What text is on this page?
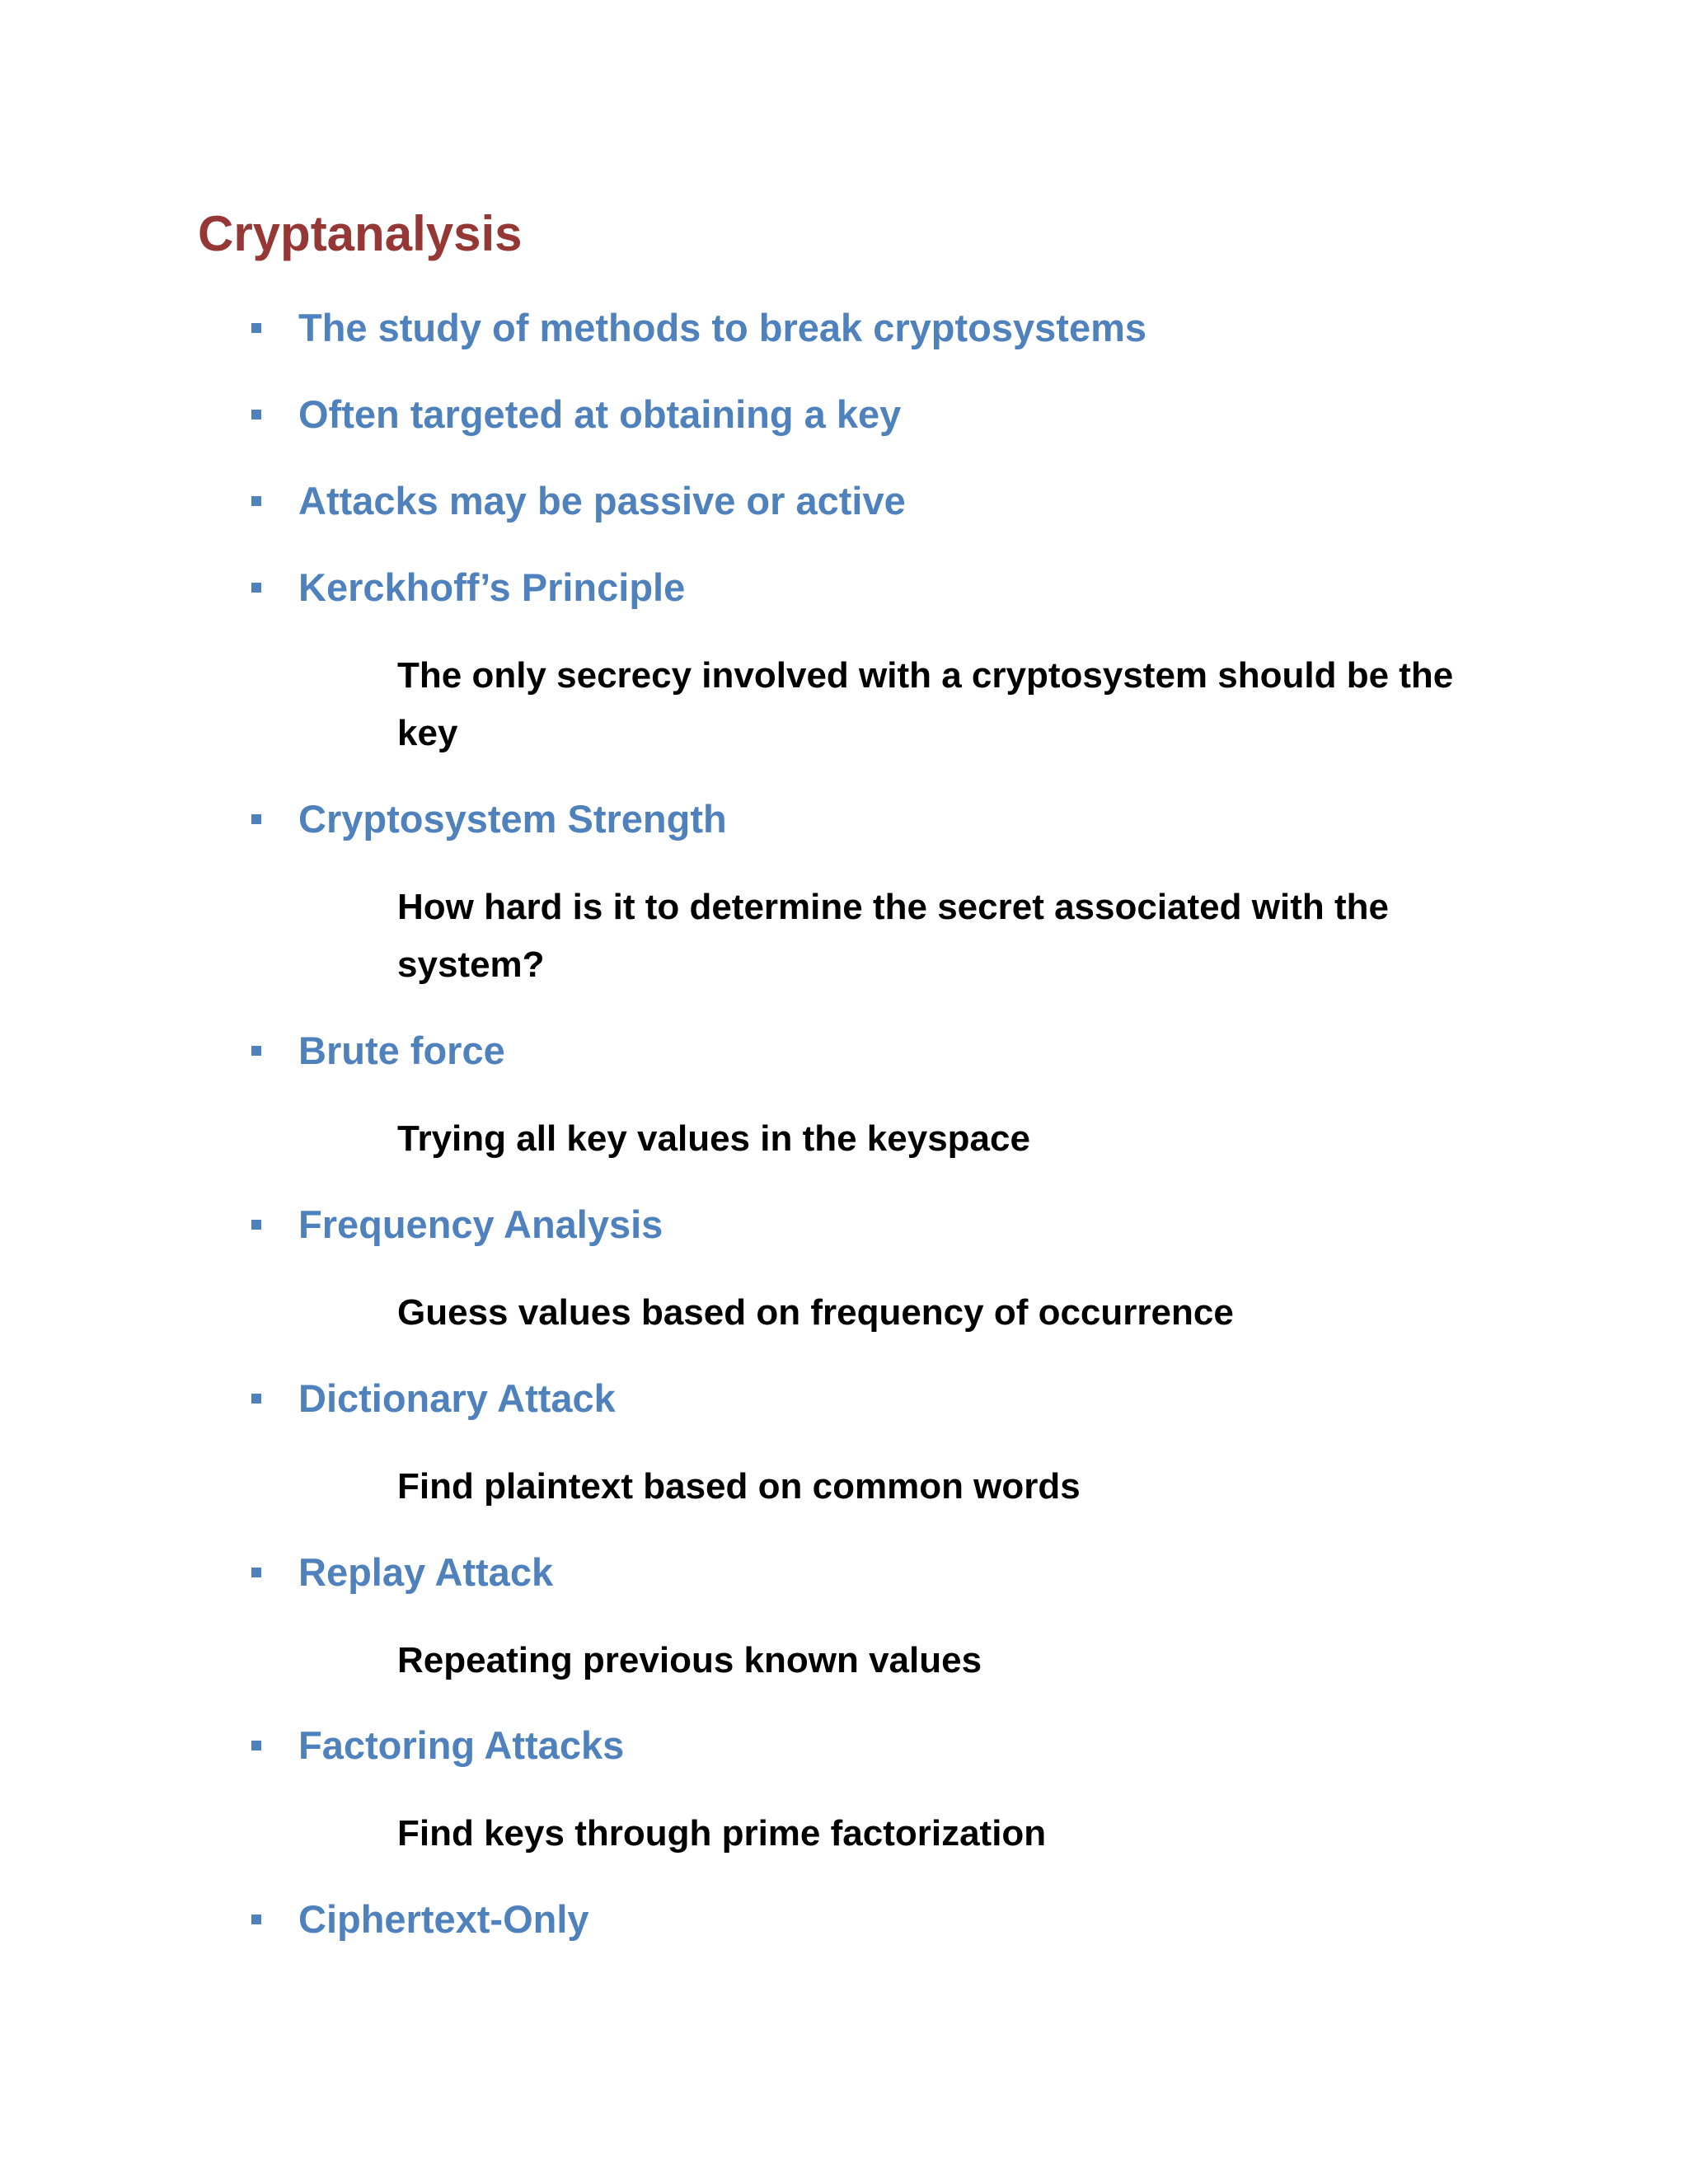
Cryptanalysis

The study of methods to break cryptosystems

Often targeted at obtaining a key

Attacks may be passive or active

Kerckhoff’s Principle

The only secrecy involved with a cryptosystem should be the key

Cryptosystem Strength

How hard is it to determine the secret associated with the system?

Brute force

Trying all key values in the keyspace

Frequency Analysis

Guess values based on frequency of occurrence

Dictionary Attack

Find plaintext based on common words

Replay Attack

Repeating previous known values

Factoring Attacks

Find keys through prime factorization

Ciphertext-Only
